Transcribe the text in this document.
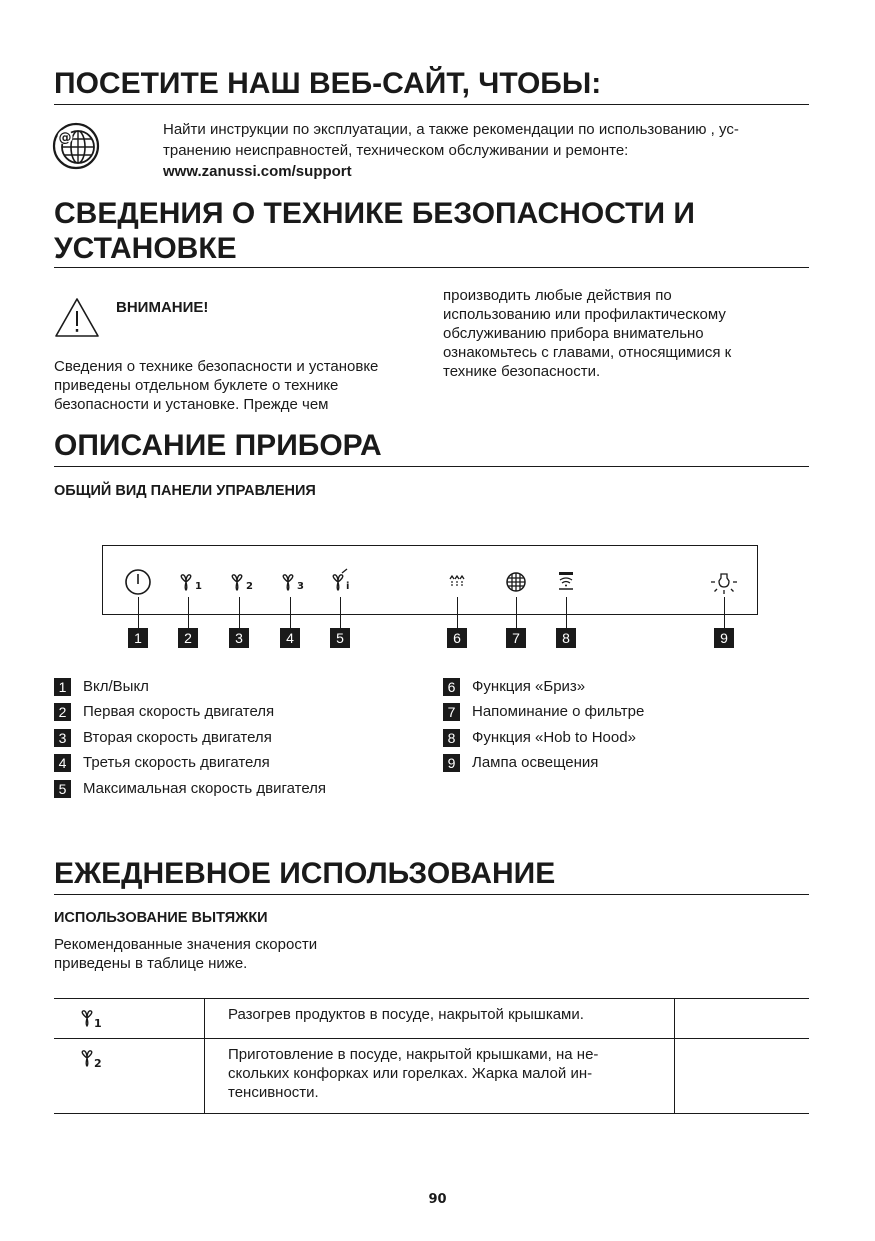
ПОСЕТИТЕ НАШ ВЕБ-САЙТ, ЧТОБЫ:
@	Найти инструкции по эксплуатации, а также рекомендации по использованию , ус-
транению неисправностей, техническом обслуживании и ремонте:
www.zanussi.com/support
СВЕДЕНИЯ О ТЕХНИКЕ БЕЗОПАСНОСТИ И
УСТАНОВКЕ
ВНИМАНИЕ!
Сведения о технике безопасности и установке
приведены отдельном буклете о технике
безопасности и установке. Прежде чем
производить любые действия по
использованию или профилактическому
обслуживанию прибора внимательно
ознакомьтесь с главами, относящимися к
технике безопасности.
ОПИСАНИЕ ПРИБОРА
ОБЩИЙ ВИД ПАНЕЛИ УПРАВЛЕНИЯ
1	2	3	i
1	2	3	4	5	6	7	8	9
1 Вкл/Выкл
2 Первая скорость двигателя
3 Вторая скорость двигателя
4 Третья скорость двигателя
5 Максимальная скорость двигателя
6 Функция «Бриз»
7 Напоминание о фильтре
8 Функция «Hob to Hood»
9 Лампа освещения
ЕЖЕДНЕВНОЕ ИСПОЛЬЗОВАНИЕ
ИСПОЛЬЗОВАНИЕ ВЫТЯЖКИ
Рекомендованные значения скорости
приведены в таблице ниже.
1	Разогрев продуктов в посуде, накрытой крышками.	

2	Приготовление в посуде, накрытой крышками, на не-
скольких конфорках или горелках. Жарка малой ин-
тенсивности.	

90
